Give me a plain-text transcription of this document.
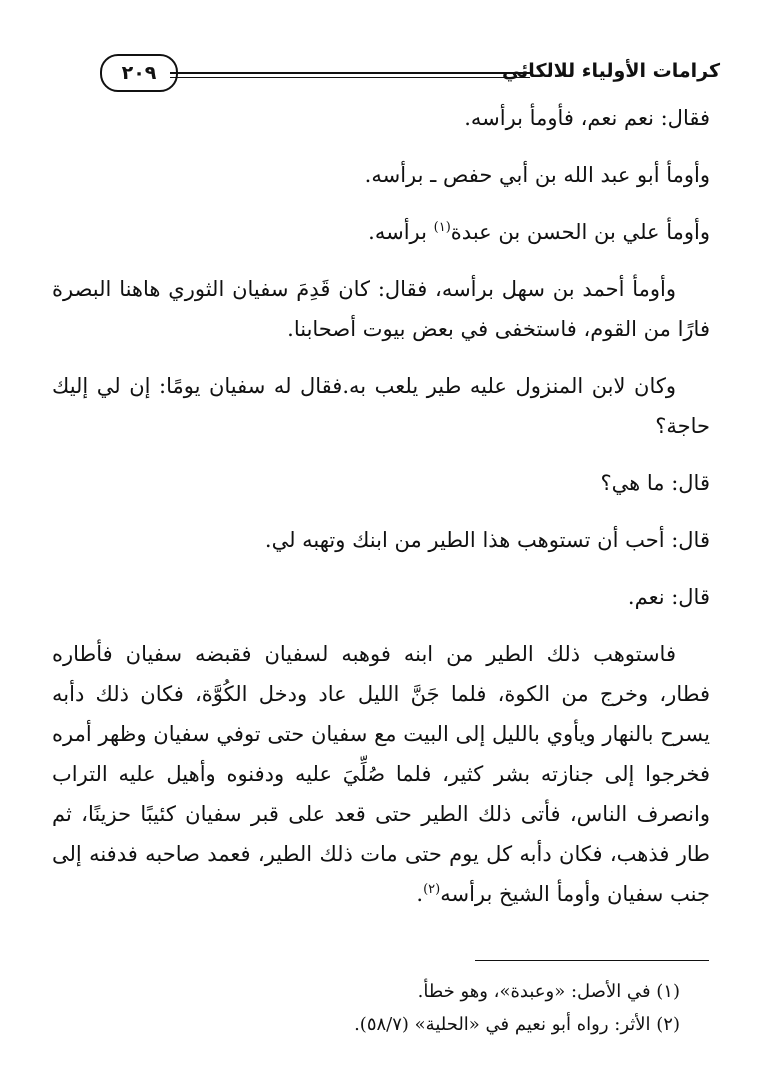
كرامات الأولياء للالكائي
٢٠٩

فقال: نعم نعم، فأومأ برأسه.

وأومأ أبو عبد الله بن أبي حفص ـ برأسه.

وأومأ علي بن الحسن بن عبدة$^{(١)}$ برأسه.

وأومأ أحمد بن سهل برأسه، فقال: كان قَدِمَ سفيان الثوري هاهنا البصرة فارًا من القوم، فاستخفى في بعض بيوت أصحابنا.

وكان لابن المنزول عليه طير يلعب به.فقال له سفيان يومًا: إن لي إليك حاجة؟

قال: ما هي؟

قال: أحب أن تستوهب هذا الطير من ابنك وتهبه لي.

قال: نعم.

فاستوهب ذلك الطير من ابنه فوهبه لسفيان فقبضه سفيان فأطاره فطار، وخرج من الكوة، فلما جَنَّ الليل عاد ودخل الكُوَّة، فكان ذلك دأبه يسرح بالنهار ويأوي بالليل إلى البيت مع سفيان حتى توفي سفيان وظهر أمره فخرجوا إلى جنازته بشر كثير، فلما صُلِّيَ عليه ودفنوه وأهيل عليه التراب وانصرف الناس، فأتى ذلك الطير حتى قعد على قبر سفيان كئيبًا حزينًا، ثم طار فذهب، فكان دأبه كل يوم حتى مات ذلك الطير، فعمد صاحبه فدفنه إلى جنب سفيان وأومأ الشيخ برأسه$^{(٢)}$.

(١) في الأصل: «وعبدة»، وهو خطأ.

(٢) الأثر: رواه أبو نعيم في «الحلية» (٥٨/٧).
